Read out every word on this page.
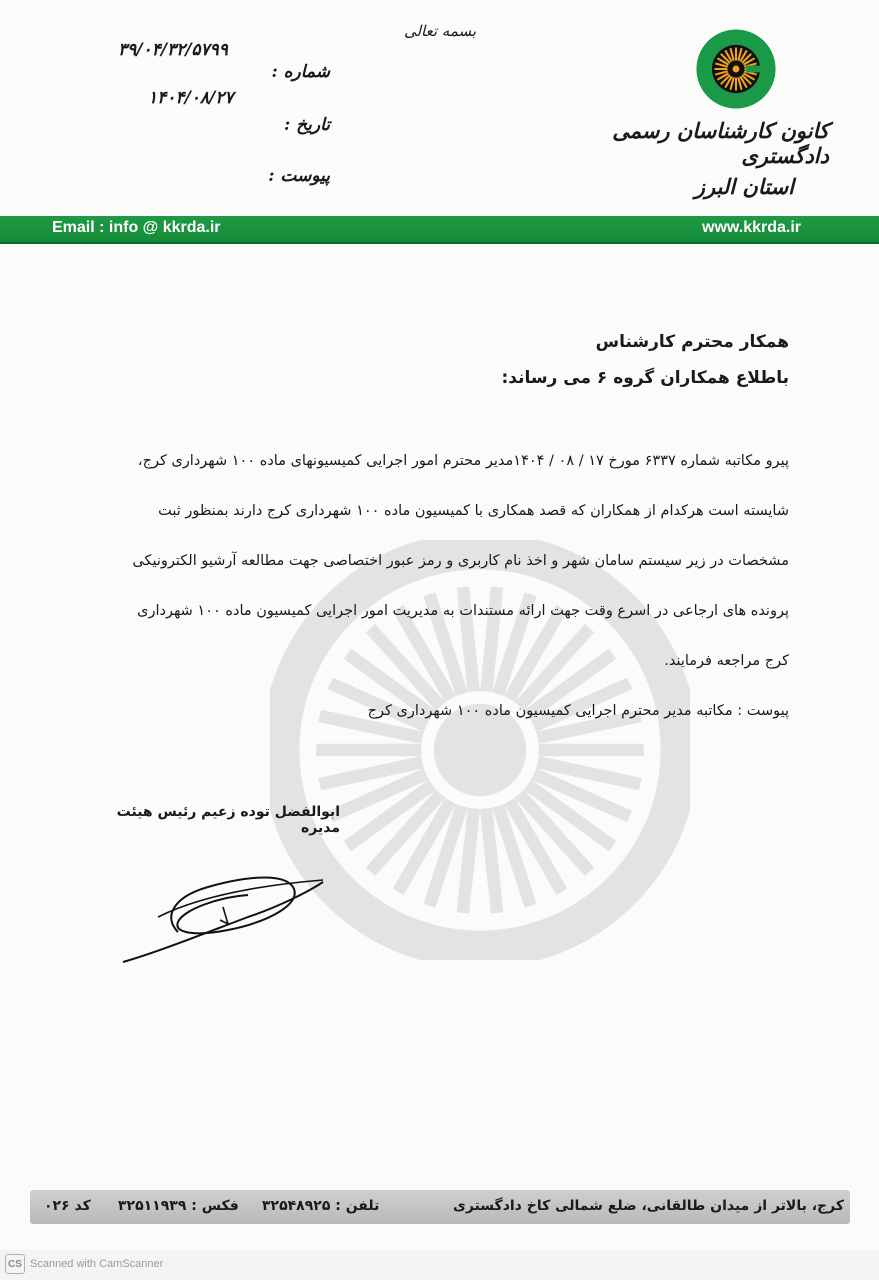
بسمه تعالی
کانون کارشناسان رسمی دادگستری
استان البرز
شماره :
تاریخ :
پیوست :
۳۹/۰۴/۳۲/۵۷۹۹
۱۴۰۴/۰۸/۲۷
Email : info @ kkrda.ir	www.kkrda.ir
همکار محترم کارشناس
باطلاع همکاران گروه ۶ می رساند:
پیرو مکاتبه شماره ۶۳۳۷ مورخ ۱۷ / ۰۸ / ۱۴۰۴مدیر محترم امور اجرایی کمیسیونهای ماده ۱۰۰ شهرداری کرج،
شایسته است هرکدام از همکاران که قصد همکاری با کمیسیون ماده ۱۰۰ شهرداری کرج دارند بمنظور ثبت
مشخصات در زیر سیستم سامان شهر و اخذ نام کاربری و رمز عبور اختصاصی جهت مطالعه آرشیو الکترونیکی
پرونده های ارجاعی در اسرع وقت جهت ارائه مستندات به مدیریت امور اجرایی کمیسیون ماده ۱۰۰ شهرداری
کرج مراجعه فرمایند.
پیوست : مکاتبه مدیر محترم اجرایی کمیسیون ماده ۱۰۰ شهرداری کرج
ابوالفضل توده زعیم رئیس هیئت مدیره
کرج، بالاتر از میدان طالقانی، ضلع شمالی کاخ دادگستری
تلفن : ۳۲۵۴۸۹۲۵
فکس : ۳۲۵۱۱۹۳۹
کد ۰۲۶
CS Scanned with CamScanner
